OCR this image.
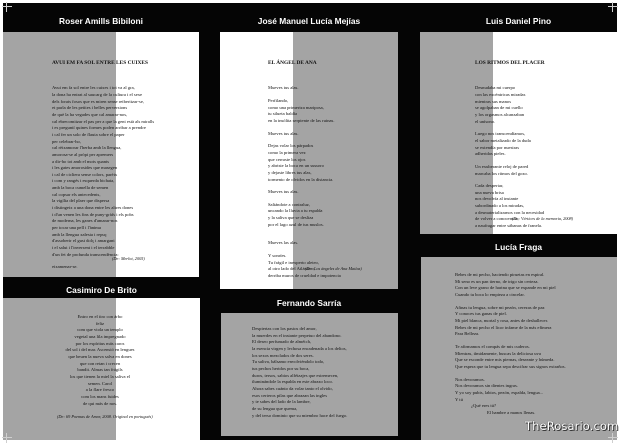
Roser Amills Bibiloni

AVUI EM FA SOL ENTRE LES CUIXES

Avui em fa sol entre les cuixes i tot va al gra,
la dona ha entrat al saucarg de la cultura i el sexe
dels forats fosos que es miren sense reiberitzar-se,
et parla de les petites i belles perversions
de què la ha vegades que cal amarar-nos,
cal ebrecomitzar el pas per a que la gent està als miralls
i es preguntí quines formes poden arribar a prendre
i cal fer un solo de flauta sobre el paper
per celebrar-ho,
cal rèixamorar l'herba amb la llengua,
amorosa-se al pròpi per apremers
a dir-ho tot amb el mots quants
i les gates amorosides que masegen
i cal de cicliera sense colors, parèix
i com y rangés i esquerda bichata,
amb la boca cumella de semen
cal copsar els antecedents,
la vigília del plaer que dispersa
i distingeix a una dona entre les altres dones
i d'un venen les fins de puny-gràfs i els pobs
de moderna, les ganes d'amarar-nos
per tocar una pell i l'ànima
amb la llengua xalesta i repuç
d'assoberir el gust dolç i amargant
i el salut i l'inversent i el terrabble
d'un fet de profunda transcendència:
eixamenar-se.

(De: Merlot, 2005)
Casimiro De Brito
Entro en el tiro con árbo
feliz
com que viola un templo
vegetal una lila impregnado
por los espíritus más caros
del sol i del mar. Ascensió en lengues
que beuen la nueva salva en dones
que con retan i crecen
bandit. Almas tan frágils
los que tienen la miel la saliva el
semen. Carol
a la flare fresco
com los mans fuides
de qui más de nos.
(De: 69 Poemas de Amor, 2008. Original en portugués)
José Manuel Lucía Mejías

EL ÁNGEL DE ANA

Mueves tus alas.
Perfilando,
como una primeriza mariposa,
tu silueta baldía
en la insólita serpiente de las ruinas.
Mueves tus alas.
Dejas volar los párpados
como la primera vez
que cerraste los ojos
y abriste la boca en un susurro
y dejaste libres tus alas,
tormento de olvidos en la distancia.
Mueves tus alas.
Saltándote a contraluz,
uncando la lluvia a tu espalda
y la saliva que se desliza
por el lago azul de tus muslos.
Mueves las alas.
Y sonríes.
Tu frágil e inexperto aleteo,
al otro lado del Atlántico,
derriba muros de crueldad e impotencia

(De: Los ángeles de Ana Matías)
Fernando Sarría
Despiertas con los pastos del amor,
la muerdes en el instante perpetuo del abandono.
El deseo perfumado de alméich,
la esencia virgen y lechosa encadenada a los deltos,
los sexos mezclados de dos seres.
Tu saliva, bálsamo envolviéndolo todo,
tus pechos heridos por su boca,
duros, tersos, sabios alféizajes que estremecen,
iluminándole la espalda en este abrazo loco.
Ahora sabes cuánto da volar tanto el olvido,
esos certeros pilas que abrazan las ingles
y te sabes del lado de la lambre,
de su lengua que quema,
y del terso dominio que su miembro hace del fuego.
Luis Daniel Pino

LOS RITMOS DEL PLACER

Desnudaba mi cuerpo
con las excéntricas miradas
mientras sus manos
se agolpaban de mi cuello
y los orgasmos alcanzaban
el unísono.
Luego nos transcendíamos,
el sabor metalizado de la duda
se extendía por nuestras
adheridas pieles.
Un exuberante reloj de pared
marcaba los ritmos del gozo.
Cada despertar,
una nueva brisa
nos devolvía al instante
subordinado a los miradas,
a desmaterializarnos con la necesidad
de volver a conocernos,
a naufragar entre sábanas de franela.

(De: Vértices de la memoria, 2008)
Lucía Fraga
Bebes de mi pecho, haciendo piruetas en espiral.
Mi seno es un pan tierno, de trigo sin certeza.
Con un leve grano de harina que se expande en mi piel
Cuando tu boca lo empieza a cincelar.
Afinas tu lengua, sobre mi pezón, cerezas de paz
Y conoces tus ganas de piel.
Mi piel blanca, mortal y rosa, antes de deshallecer.
Bebes de mi pecho el licor infame de la más efímera
Para Belleza.
Te afirmamos el compás de mis cuderos.
Mientras, tímidamente, buscas la deliciosa uva
Que se esconde entre mis piernas, deseante y húmeda.
Que espera que tu lengua sepa descifrar sus signos extraños.
Nos devoramos.
Nos devoramos sin dientes ingras.
Y yo soy pubis, labios, pezón, espalda, lengua...
Y tú
¿Qué eres tú?
El hambre a manos llenas.
TheRosario.com
